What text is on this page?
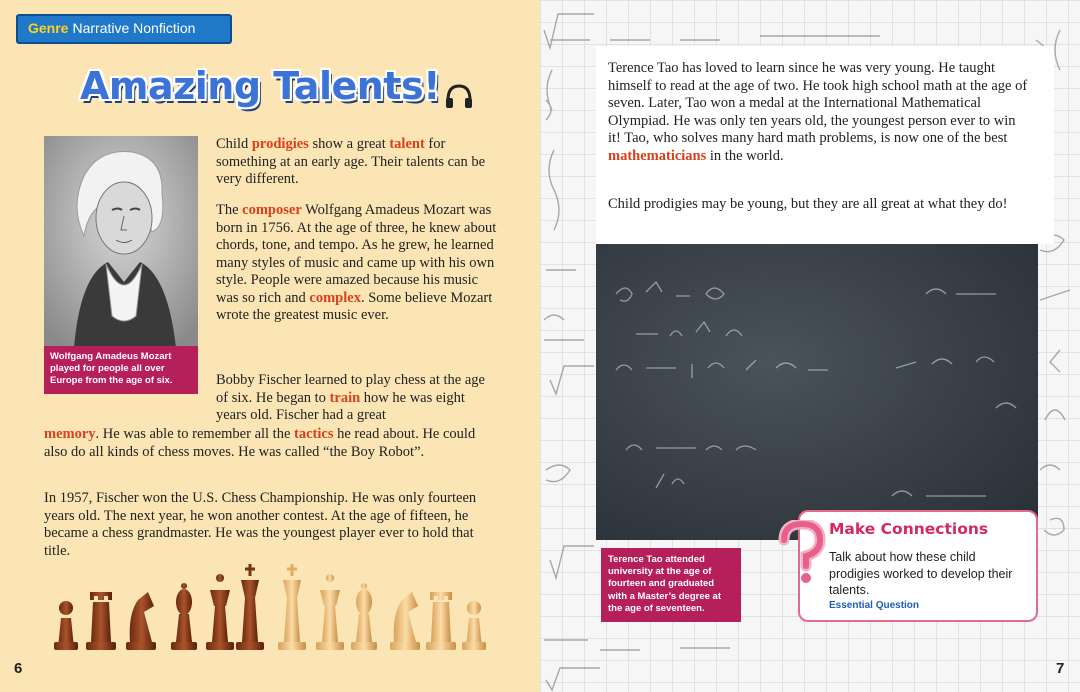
Genre Narrative Nonfiction
Amazing Talents!
Wolfgang Amadeus Mozart played for people all over Europe from the age of six.

Child prodigies show a great talent for something at an early age. Their talents can be very different.

The composer Wolfgang Amadeus Mozart was born in 1756. At the age of three, he knew about chords, tone, and tempo. As he grew, he learned many styles of music and came up with his own style. People were amazed because his music was so rich and complex. Some believe Mozart wrote the greatest music ever.

Bobby Fischer learned to play chess at the age of six. He began to train how he was eight years old. Fischer had a great

memory. He was able to remember all the tactics he read about. He could also do all kinds of chess moves. He was called “the Boy Robot”.

In 1957, Fischer won the U.S. Chess Championship. He was only fourteen years old. The next year, he won another contest. At the age of fifteen, he became a chess grandmaster. He was the youngest player ever to hold that title.

6

Terence Tao has loved to learn since he was very young. He taught himself to read at the age of two. He took high school math at the age of seven. Later, Tao won a medal at the International Mathematical Olympiad. He was only ten years old, the youngest person ever to win it! Tao, who solves many hard math problems, is now one of the best mathematicians in the world.

Child prodigies may be young, but they are all great at what they do!

Terence Tao attended university at the age of fourteen and graduated with a Master’s degree at the age of seventeen.
Make Connections
Talk about how these child prodigies worked to develop their talents.
Essential Question
7
